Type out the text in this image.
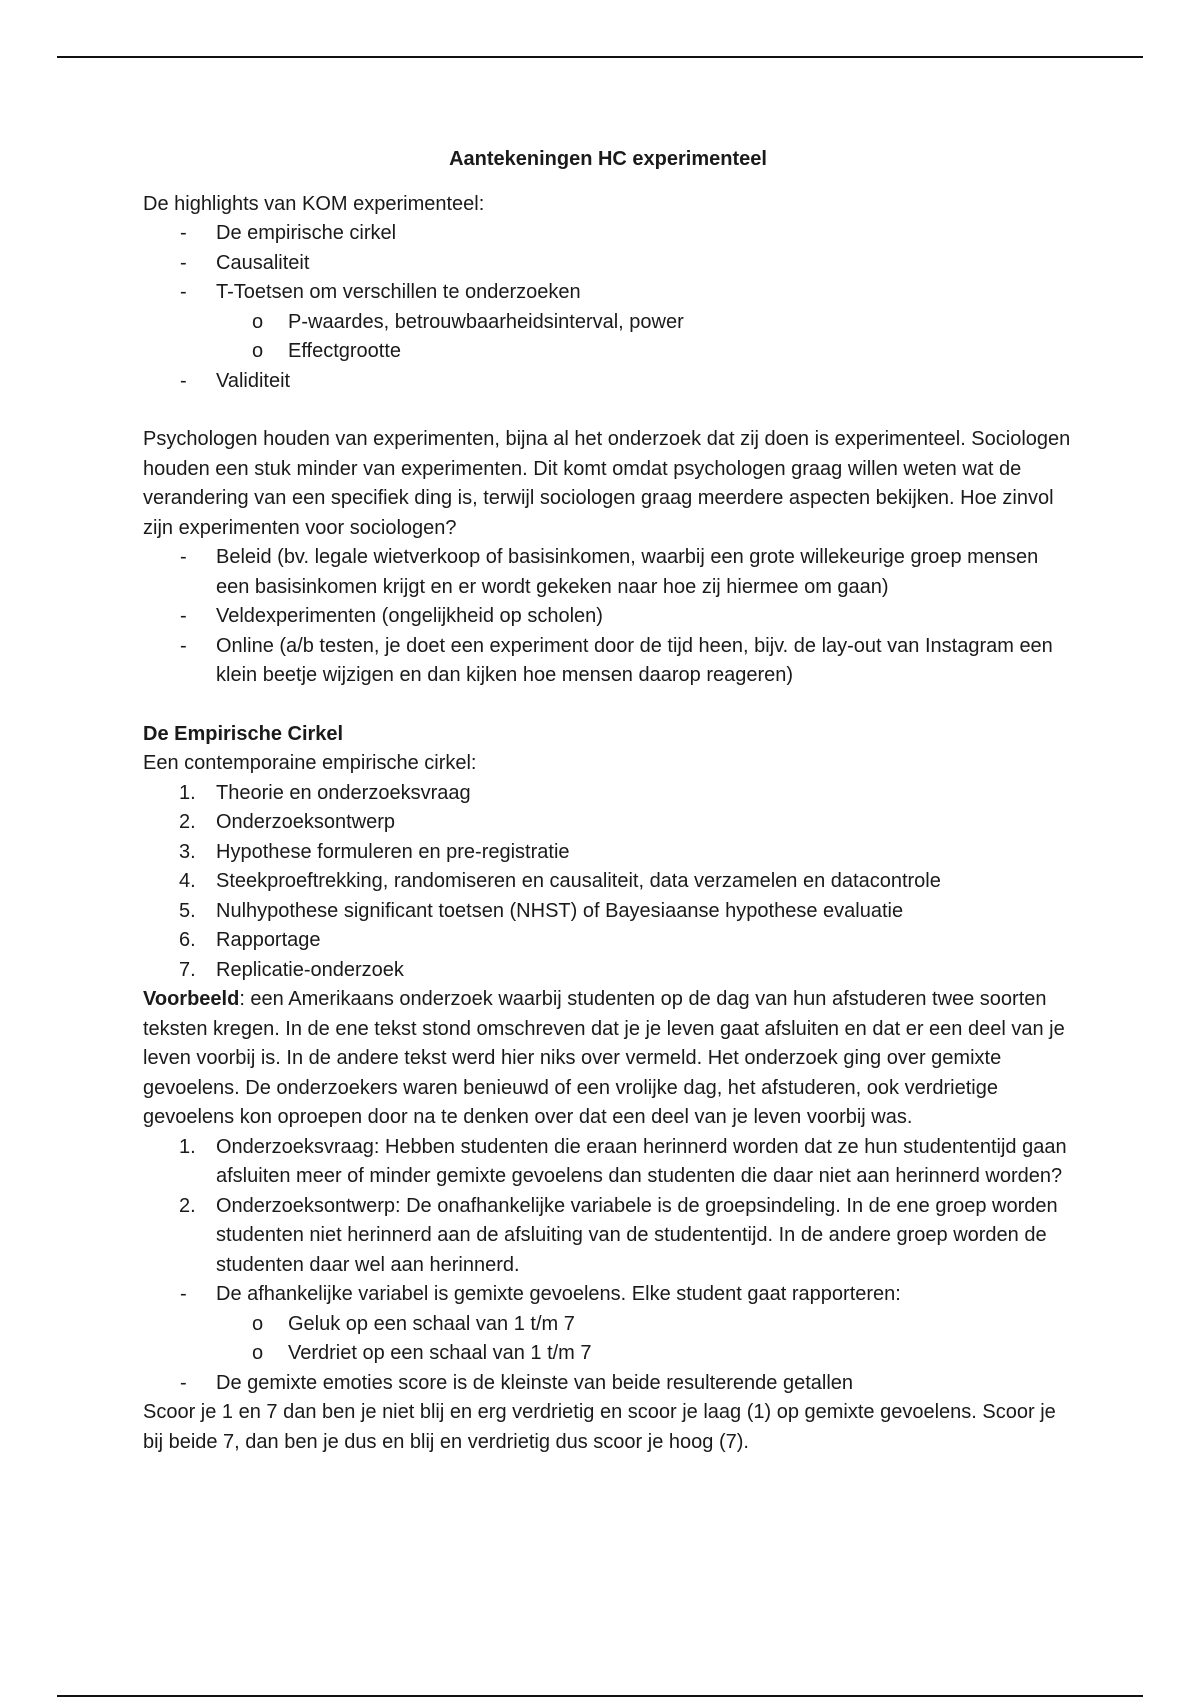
Aantekeningen HC experimenteel

De highlights van KOM experimenteel:

- De empirische cirkel
- Causaliteit
- T-Toetsen om verschillen te onderzoeken
o P-waardes, betrouwbaarheidsinterval, power
o Effectgrootte
- Validiteit

Psychologen houden van experimenten, bijna al het onderzoek dat zij doen is experimenteel. Sociologen houden een stuk minder van experimenten. Dit komt omdat psychologen graag willen weten wat de verandering van een specifiek ding is, terwijl sociologen graag meerdere aspecten bekijken. Hoe zinvol zijn experimenten voor sociologen?

- Beleid (bv. legale wietverkoop of basisinkomen, waarbij een grote willekeurige groep mensen een basisinkomen krijgt en er wordt gekeken naar hoe zij hiermee om gaan)
- Veldexperimenten (ongelijkheid op scholen)
- Online (a/b testen, je doet een experiment door de tijd heen, bijv. de lay-out van Instagram een klein beetje wijzigen en dan kijken hoe mensen daarop reageren)

De Empirische Cirkel

Een contemporaine empirische cirkel:

1. Theorie en onderzoeksvraag
2. Onderzoeksontwerp
3. Hypothese formuleren en pre-registratie
4. Steekproeftrekking, randomiseren en causaliteit, data verzamelen en datacontrole
5. Nulhypothese significant toetsen (NHST) of Bayesiaanse hypothese evaluatie
6. Rapportage
7. Replicatie-onderzoek

Voorbeeld: een Amerikaans onderzoek waarbij studenten op de dag van hun afstuderen twee soorten teksten kregen. In de ene tekst stond omschreven dat je je leven gaat afsluiten en dat er een deel van je leven voorbij is. In de andere tekst werd hier niks over vermeld. Het onderzoek ging over gemixte gevoelens. De onderzoekers waren benieuwd of een vrolijke dag, het afstuderen, ook verdrietige gevoelens kon oproepen door na te denken over dat een deel van je leven voorbij was.

1. Onderzoeksvraag: Hebben studenten die eraan herinnerd worden dat ze hun studententijd gaan afsluiten meer of minder gemixte gevoelens dan studenten die daar niet aan herinnerd worden?
2. Onderzoeksontwerp: De onafhankelijke variabele is de groepsindeling. In de ene groep worden studenten niet herinnerd aan de afsluiting van de studententijd. In de andere groep worden de studenten daar wel aan herinnerd.
- De afhankelijke variabel is gemixte gevoelens. Elke student gaat rapporteren:
o Geluk op een schaal van 1 t/m 7
o Verdriet op een schaal van 1 t/m 7
- De gemixte emoties score is de kleinste van beide resulterende getallen

Scoor je 1 en 7 dan ben je niet blij en erg verdrietig en scoor je laag (1) op gemixte gevoelens. Scoor je bij beide 7, dan ben je dus en blij en verdrietig dus scoor je hoog (7).
